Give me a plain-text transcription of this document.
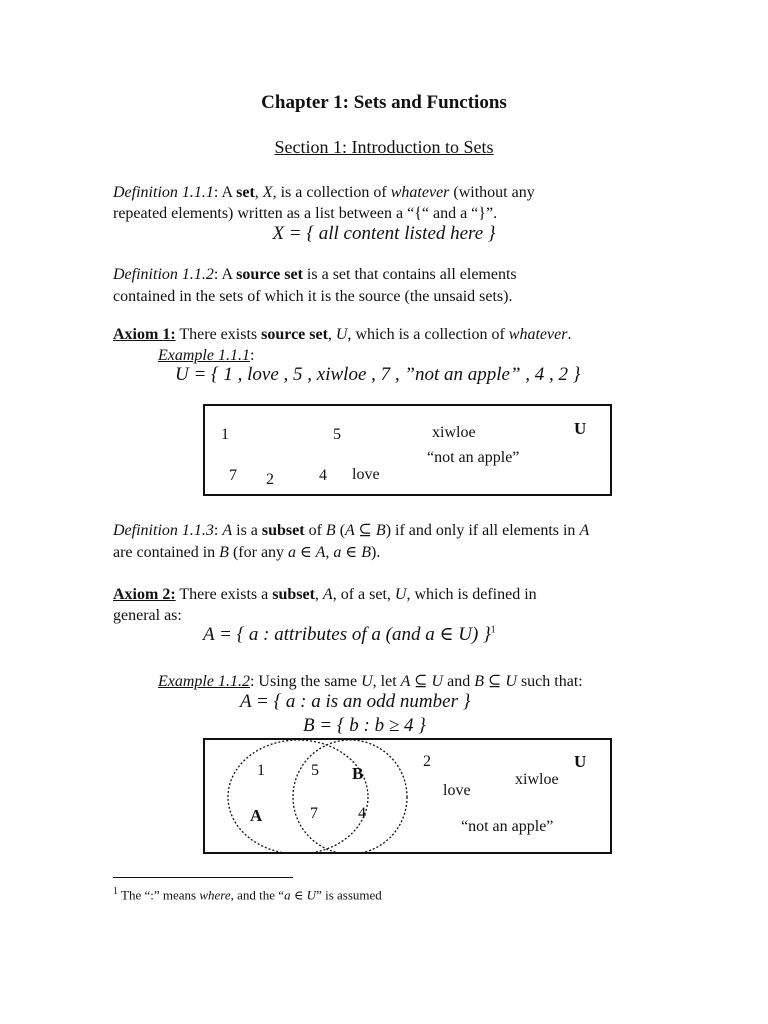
Chapter 1: Sets and Functions
Section 1: Introduction to Sets
Definition 1.1.1: A set, X, is a collection of whatever (without any
repeated elements) written as a list between a “{“ and a “}”.
X = { all content listed here }
Definition 1.1.2: A source set is a set that contains all elements
contained in the sets of which it is the source (the unsaid sets).
Axiom 1: There exists source set, U, which is a collection of whatever.
Example 1.1.1:
U = { 1 , love , 5 , xiwloe , 7 , ”not an apple” , 4 , 2 }
1	5	xiwloe	U
“not an apple”
7 2	4 love
Definition 1.1.3: A is a subset of B (A ⊆ B) if and only if all elements in A
are contained in B (for any a ∈ A, a ∈ B).
Axiom 2: There exists a subset, A, of a set, U, which is defined in
general as:
A = { a : attributes of a (and a ∈ U) }$^1$
Example 1.1.2: Using the same U, let A ⊆ U and B ⊆ U such that:
A = { a : a is an odd number }
B = { b : b ≥ 4 }
1	5 B
A	7	4
2	U
xiwloe
love
“not an apple”
$^1$ The “:” means where, and the “a ∈ U” is assumed
